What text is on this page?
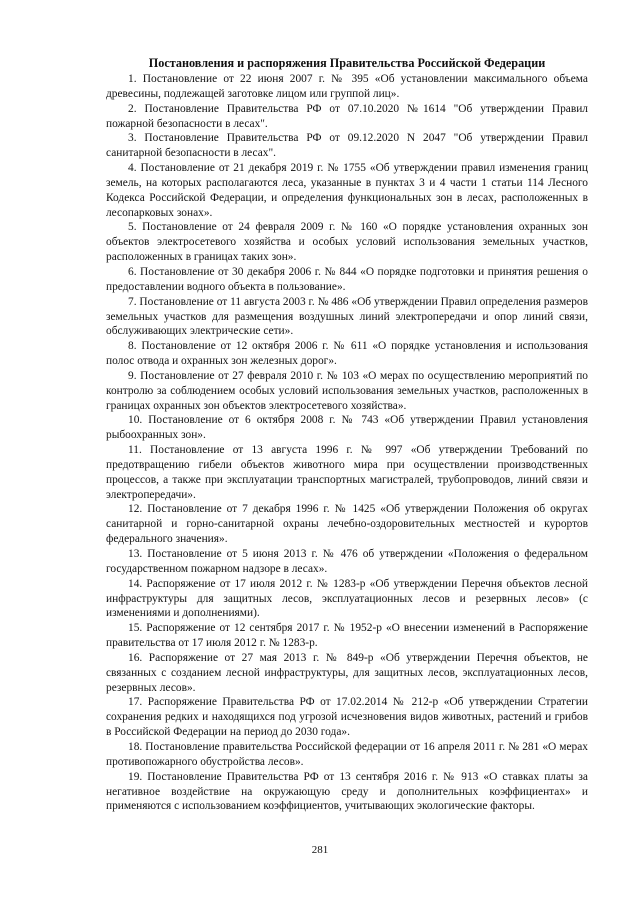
Постановления и распоряжения Правительства Российской Федерации

1. Постановление от 22 июня 2007 г. № 395 «Об установлении максимального объема древесины, подлежащей заготовке лицом или группой лиц».

2. Постановление Правительства РФ от 07.10.2020 №1614 "Об утверждении Правил пожарной безопасности в лесах".

3. Постановление Правительства РФ от 09.12.2020 N 2047 "Об утверждении Правил санитарной безопасности в лесах".

4. Постановление от 21 декабря 2019 г. № 1755 «Об утверждении правил изменения границ земель, на которых располагаются леса, указанные в пунктах 3 и 4 части 1 статьи 114 Лесного Кодекса Российской Федерации, и определения функциональных зон в лесах, расположенных в лесопарковых зонах».

5. Постановление от 24 февраля 2009 г. № 160 «О порядке установления охранных зон объектов электросетевого хозяйства и особых условий использования земельных участков, расположенных в границах таких зон».

6. Постановление от 30 декабря 2006 г. № 844 «О порядке подготовки и принятия решения о предоставлении водного объекта в пользование».

7. Постановление от 11 августа 2003 г. № 486 «Об утверждении Правил определения размеров земельных участков для размещения воздушных линий электропередачи и опор линий связи, обслуживающих электрические сети».

8. Постановление от 12 октября 2006 г. № 611 «О порядке установления и использования полос отвода и охранных зон железных дорог».

9. Постановление от 27 февраля 2010 г. № 103 «О мерах по осуществлению мероприятий по контролю за соблюдением особых условий использования земельных участков, расположенных в границах охранных зон объектов электросетевого хозяйства».

10. Постановление от 6 октября 2008 г. № 743 «Об утверждении Правил установления рыбоохранных зон».

11. Постановление от 13 августа 1996 г. № 997 «Об утверждении Требований по предотвращению гибели объектов животного мира при осуществлении производственных процессов, а также при эксплуатации транспортных магистралей, трубопроводов, линий связи и электропередачи».

12. Постановление от 7 декабря 1996 г. № 1425 «Об утверждении Положения об округах санитарной и горно-санитарной охраны лечебно-оздоровительных местностей и курортов федерального значения».

13. Постановление от 5 июня 2013 г. № 476 об утверждении «Положения о федеральном государственном пожарном надзоре в лесах».

14. Распоряжение от 17 июля 2012 г. № 1283-р «Об утверждении Перечня объектов лесной инфраструктуры для защитных лесов, эксплуатационных лесов и резервных лесов» (с изменениями и дополнениями).

15. Распоряжение от 12 сентября 2017 г. № 1952-р «О внесении изменений в Распоряжение правительства от 17 июля 2012 г. № 1283-р.

16. Распоряжение от 27 мая 2013 г. № 849-р «Об утверждении Перечня объектов, не связанных с созданием лесной инфраструктуры, для защитных лесов, эксплуатационных лесов, резервных лесов».

17. Распоряжение Правительства РФ от 17.02.2014 № 212-р «Об утверждении Стратегии сохранения редких и находящихся под угрозой исчезновения видов животных, растений и грибов в Российской Федерации на период до 2030 года».

18. Постановление правительства Российской федерации от 16 апреля 2011 г. № 281 «О мерах противопожарного обустройства лесов».

19. Постановление Правительства РФ от 13 сентября 2016 г. № 913 «О ставках платы за негативное воздействие на окружающую среду и дополнительных коэффициентах» и применяются с использованием коэффициентов, учитывающих экологические факторы.

281
